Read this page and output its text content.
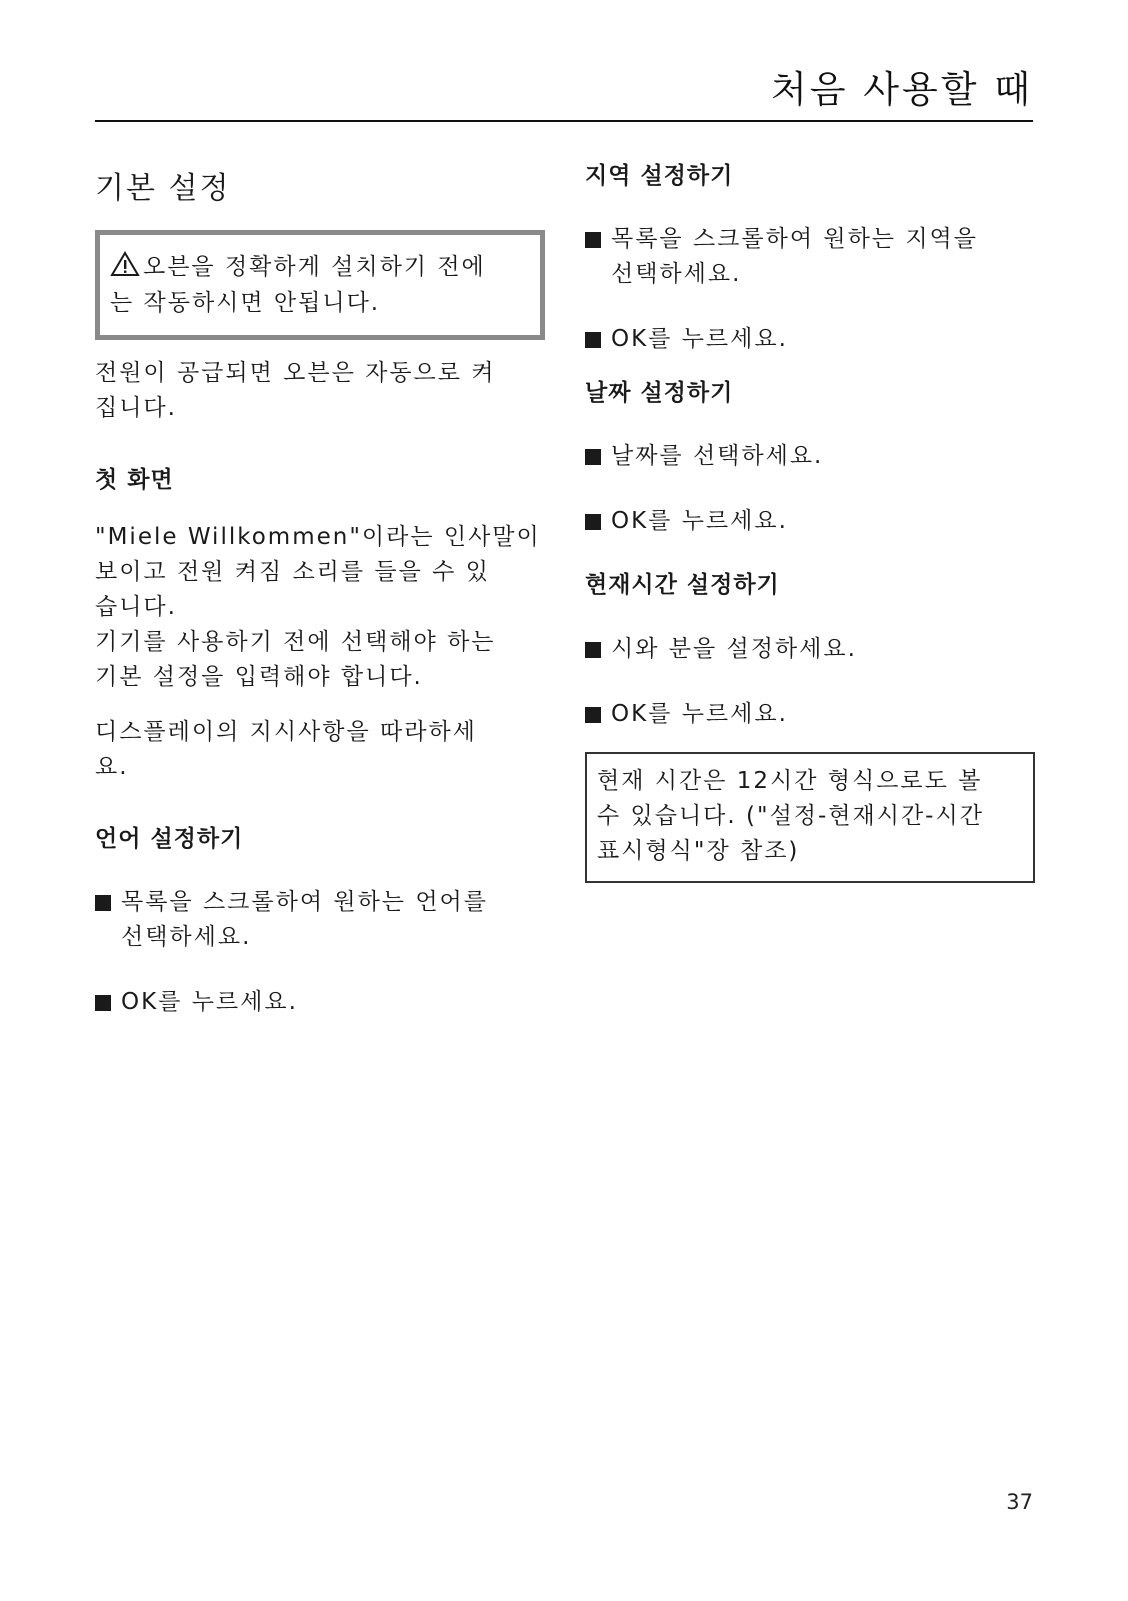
처음 사용할 때
기본 설정
오븐을 정확하게 설치하기 전에
는 작동하시면 안됩니다.

전원이 공급되면 오븐은 자동으로 켜
집니다.

첫 화면

"Miele Willkommen"이라는 인사말이
보이고 전원 켜짐 소리를 들을 수 있
습니다.
기기를 사용하기 전에 선택해야 하는
기본 설정을 입력해야 합니다.

디스플레이의 지시사항을 따라하세
요.

언어 설정하기
목록을 스크롤하여 원하는 언어를
선택하세요.
OK를 누르세요.
지역 설정하기
목록을 스크롤하여 원하는 지역을
선택하세요.
OK를 누르세요.
날짜 설정하기
날짜를 선택하세요.
OK를 누르세요.
현재시간 설정하기
시와 분을 설정하세요.
OK를 누르세요.
현재 시간은 12시간 형식으로도 볼
수 있습니다. ("설정-현재시간-시간
표시형식"장 참조)
37
